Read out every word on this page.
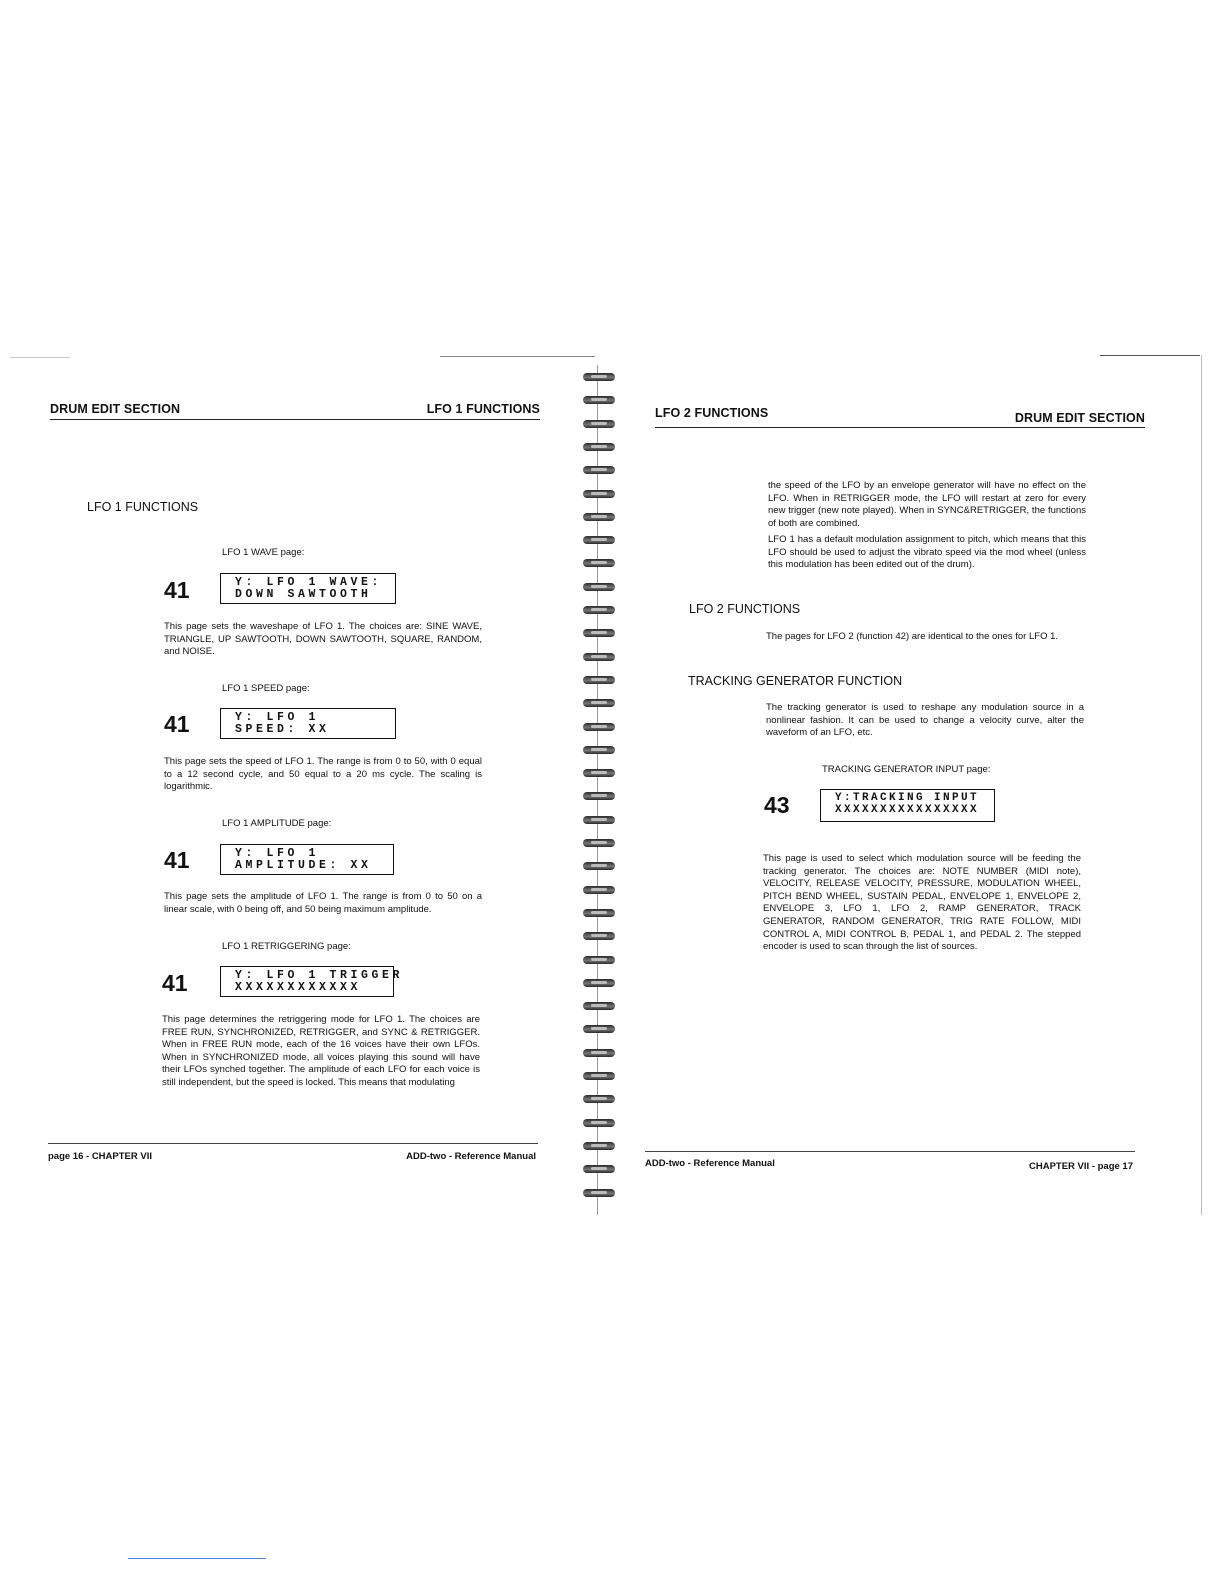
DRUM EDIT SECTION	LFO 1 FUNCTIONS
LFO 1 FUNCTIONS
LFO 1 WAVE page:
41	Y: LFO 1 WAVE:
DOWN SAWTOOTH
This page sets the waveshape of LFO 1. The choices are: SINE WAVE, TRIANGLE, UP SAWTOOTH, DOWN SAWTOOTH, SQUARE, RANDOM, and NOISE.
LFO 1 SPEED page:
41	Y: LFO 1
SPEED: XX
This page sets the speed of LFO 1. The range is from 0 to 50, with 0 equal to a 12 second cycle, and 50 equal to a 20 ms cycle. The scaling is logarithmic.
LFO 1 AMPLITUDE page:
41	Y: LFO 1
AMPLITUDE: XX
This page sets the amplitude of LFO 1. The range is from 0 to 50 on a linear scale, with 0 being off, and 50 being maximum amplitude.
LFO 1 RETRIGGERING page:
41	Y: LFO 1 TRIGGER
XXXXXXXXXXXX
This page determines the retriggering mode for LFO 1. The choices are FREE RUN, SYNCHRONIZED, RETRIGGER, and SYNC & RETRIGGER. When in FREE RUN mode, each of the 16 voices have their own LFOs. When in SYNCHRONIZED mode, all voices playing this sound will have their LFOs synched together. The amplitude of each LFO for each voice is still independent, but the speed is locked. This means that modulating
page 16 - CHAPTER VII	ADD-two - Reference Manual
LFO 2 FUNCTIONS	DRUM EDIT SECTION
the speed of the LFO by an envelope generator will have no effect on the LFO. When in RETRIGGER mode, the LFO will restart at zero for every new trigger (new note played). When in SYNC&RETRIGGER, the functions of both are combined.
LFO 1 has a default modulation assignment to pitch, which means that this LFO should be used to adjust the vibrato speed via the mod wheel (unless this modulation has been edited out of the drum).
LFO 2 FUNCTIONS
The pages for LFO 2 (function 42) are identical to the ones for LFO 1.
TRACKING GENERATOR FUNCTION
The tracking generator is used to reshape any modulation source in a nonlinear fashion. It can be used to change a velocity curve, alter the waveform of an LFO, etc.
TRACKING GENERATOR INPUT page:
43	Y:TRACKING INPUT
XXXXXXXXXXXXXXXX
This page is used to select which modulation source will be feeding the tracking generator. The choices are: NOTE NUMBER (MIDI note), VELOCITY, RELEASE VELOCITY, PRESSURE, MODULATION WHEEL, PITCH BEND WHEEL, SUSTAIN PEDAL, ENVELOPE 1, ENVELOPE 2, ENVELOPE 3, LFO 1, LFO 2, RAMP GENERATOR, TRACK GENERATOR, RANDOM GENERATOR, TRIG RATE FOLLOW, MIDI CONTROL A, MIDI CONTROL B, PEDAL 1, and PEDAL 2. The stepped encoder is used to scan through the list of sources.
ADD-two - Reference Manual	CHAPTER VII - page 17
